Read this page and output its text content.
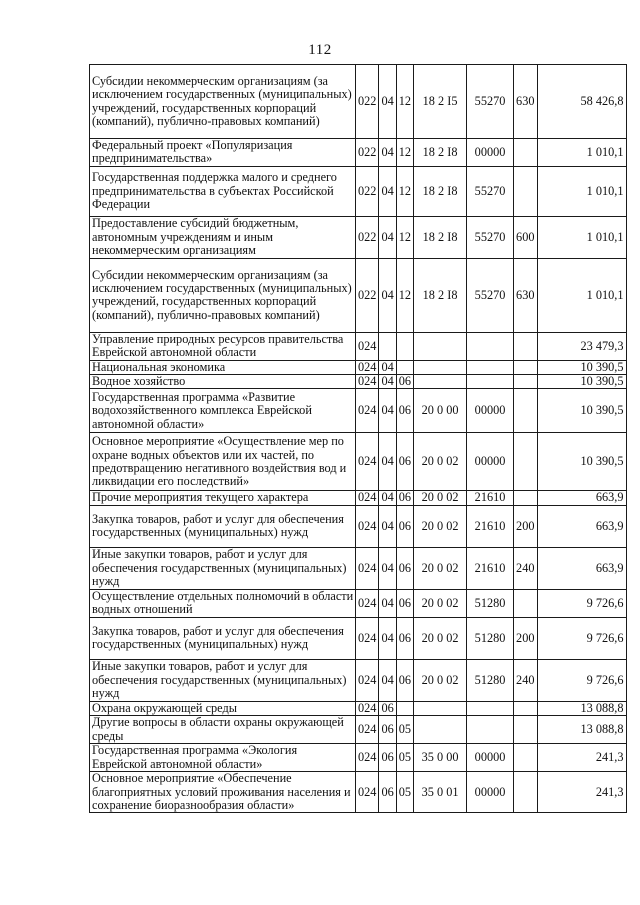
112
Субсидии некоммерческим организациям (за исключением государственных (муниципальных) учреждений, государственных корпораций (компаний), публично-правовых компаний)	022	04	12	18 2 I5	55270	630	58 426,8
Федеральный проект «Популяризация предпринимательства»	022	04	12	18 2 I8	00000		1 010,1
Государственная поддержка малого и среднего предпринимательства в субъектах Российской Федерации	022	04	12	18 2 I8	55270		1 010,1
Предоставление субсидий бюджетным, автономным учреждениям и иным некоммерческим организациям	022	04	12	18 2 I8	55270	600	1 010,1
Субсидии некоммерческим организациям (за исключением государственных (муниципальных) учреждений, государственных корпораций (компаний), публично-правовых компаний)	022	04	12	18 2 I8	55270	630	1 010,1
Управление природных ресурсов правительства Еврейской автономной области	024						23 479,3
Национальная экономика	024	04					10 390,5
Водное хозяйство	024	04	06				10 390,5
Государственная программа «Развитие водохозяйственного комплекса Еврейской автономной области»	024	04	06	20 0 00	00000		10 390,5
Основное мероприятие «Осуществление мер по охране водных объектов или их частей, по предотвращению негативного воздействия вод и ликвидации его последствий»	024	04	06	20 0 02	00000		10 390,5
Прочие мероприятия текущего характера	024	04	06	20 0 02	21610		663,9
Закупка товаров, работ и услуг для обеспечения государственных (муниципальных) нужд	024	04	06	20 0 02	21610	200	663,9
Иные закупки товаров, работ и услуг для обеспечения государственных (муниципальных) нужд	024	04	06	20 0 02	21610	240	663,9
Осуществление отдельных полномочий в области водных отношений	024	04	06	20 0 02	51280		9 726,6
Закупка товаров, работ и услуг для обеспечения государственных (муниципальных) нужд	024	04	06	20 0 02	51280	200	9 726,6
Иные закупки товаров, работ и услуг для обеспечения государственных (муниципальных) нужд	024	04	06	20 0 02	51280	240	9 726,6
Охрана окружающей среды	024	06					13 088,8
Другие вопросы в области охраны окружающей среды	024	06	05				13 088,8
Государственная программа «Экология Еврейской автономной области»	024	06	05	35 0 00	00000		241,3
Основное мероприятие «Обеспечение благоприятных условий проживания населения и сохранение биоразнообразия области»	024	06	05	35 0 01	00000		241,3
